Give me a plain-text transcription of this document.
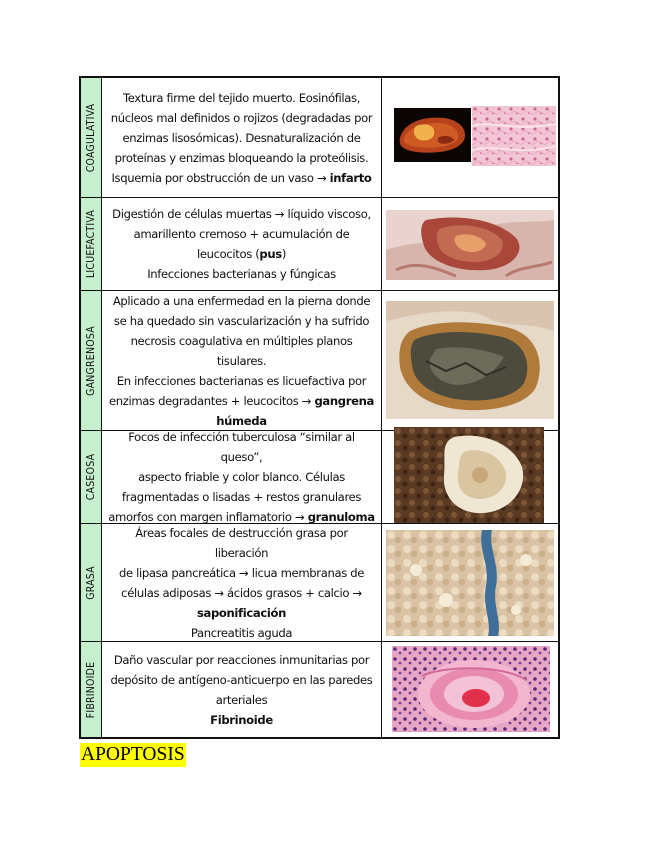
COAGULATIVA

Textura firme del tejido muerto. Eosinófilas,
núcleos mal definidos o rojizos (degradadas por
enzimas lisosómicas). Desnaturalización de
proteínas y enzimas bloqueando la proteólisis.
Isquemia por obstrucción de un vaso → infarto

LICUEFACTIVA Digestión de células muertas → líquido viscoso,
amarillento cremoso + acumulación de
leucocitos (pus)
Infecciones bacterianas y fúngicas

GANGRENOSA

Aplicado a una enfermedad en la pierna donde
se ha quedado sin vascularización y ha sufrido
necrosis coagulativa en múltiples planos tisulares.
En infecciones bacterianas es licuefactiva por
enzimas degradantes + leucocitos → gangrena
húmeda

CASEOSA

Focos de infección tuberculosa “similar al queso”,
aspecto friable y color blanco. Células
fragmentadas o lisadas + restos granulares
amorfos con margen inflamatorio → granuloma

GRASA

Áreas focales de destrucción grasa por liberación
de lipasa pancreática → licua membranas de
células adiposas → ácidos grasos + calcio →
saponificación
Pancreatitis aguda

FIBRINOIDE

Daño vascular por reacciones inmunitarias por
depósito de antígeno-anticuerpo en las paredes
arteriales
Fibrinoide

APOPTOSIS
